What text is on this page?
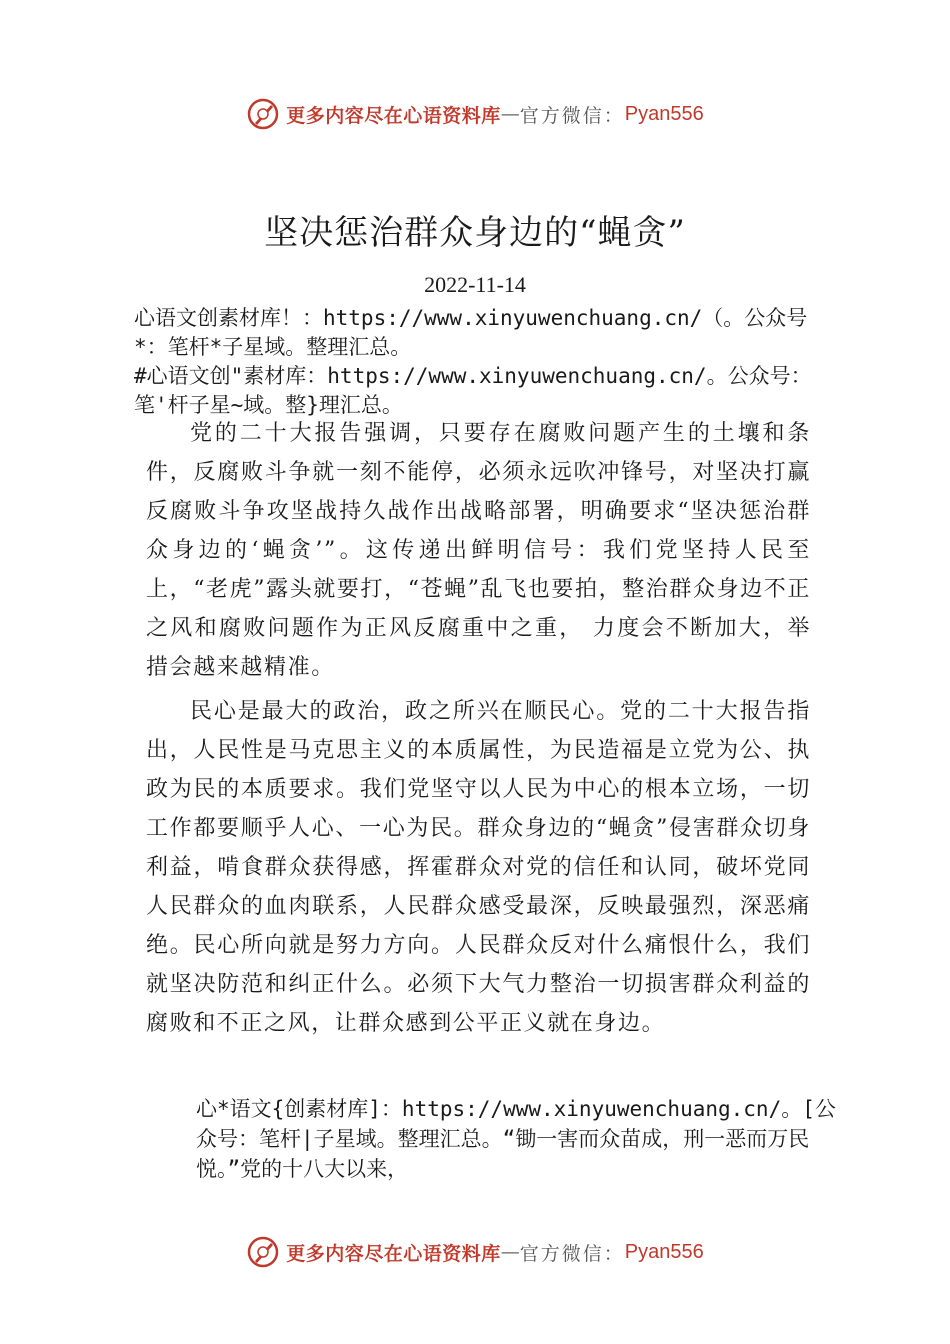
更多内容尽在心语资料库 — 官方微信： Pyan556
坚决惩治群众身边的“蝇贪”
2022-11-14
心语文创素材库！：https://www.xinyuwenchuang.cn/（。公众号*：笔杆*子星域。整理汇总。
#心语文创"素材库：https://www.xinyuwenchuang.cn/。公众号：笔'杆子星~域。整}理汇总。

党的二十大报告强调，只要存在腐败问题产生的土壤和条件，反腐败斗争就一刻不能停，必须永远吹冲锋号，对坚决打赢反腐败斗争攻坚战持久战作出战略部署，明确要求“坚决惩治群众身边的‘蝇贪’”。这传递出鲜明信号：我们党坚持人民至上，“老虎”露头就要打，“苍蝇”乱飞也要拍，整治群众身边不正之风和腐败问题作为正风反腐重中之重， 力度会不断加大，举措会越来越精准。

民心是最大的政治，政之所兴在顺民心。党的二十大报告指出，人民性是马克思主义的本质属性，为民造福是立党为公、执政为民的本质要求。我们党坚守以人民为中心的根本立场，一切工作都要顺乎人心、一心为民。群众身边的“蝇贪”侵害群众切身利益，啃食群众获得感，挥霍群众对党的信任和认同，破坏党同人民群众的血肉联系，人民群众感受最深，反映最强烈，深恶痛绝。民心所向就是努力方向。人民群众反对什么痛恨什么，我们就坚决防范和纠正什么。必须下大气力整治一切损害群众利益的腐败和不正之风，让群众感到公平正义就在身边。

心*语文{创素材库]：https://www.xinyuwenchuang.cn/。[公众号：笔杆|子星域。整理汇总。“锄一害而众苗成，刑一恶而万民悦。”党的十八大以来，

更多内容尽在心语资料库 — 官方微信： Pyan556
